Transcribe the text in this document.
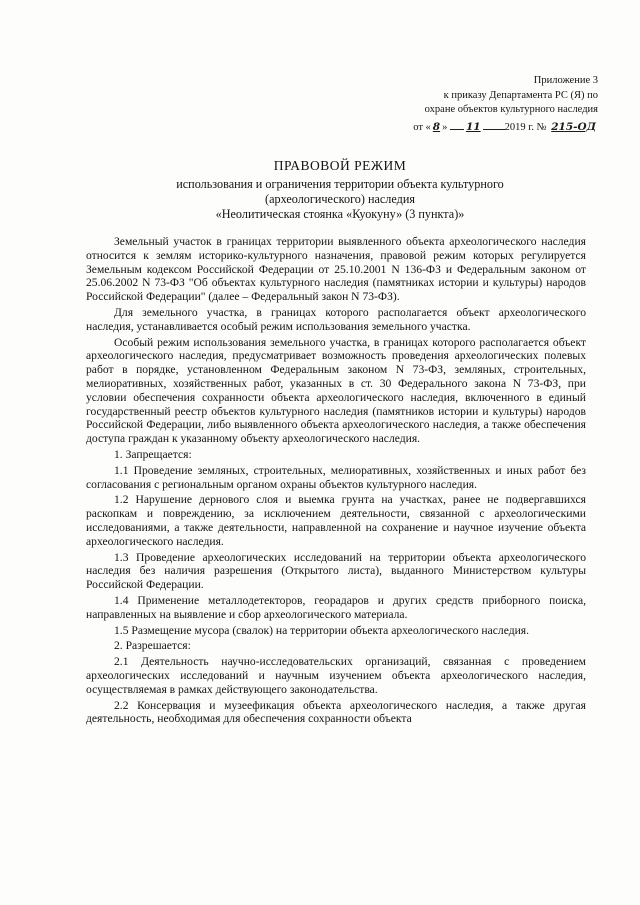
Приложение 3
к приказу Департамента РС (Я) по
охране объектов культурного наследия
от « 8 » 11 2019 г. № 215-ОД
ПРАВОВОЙ РЕЖИМ
использования и ограничения территории объекта культурного
(археологического) наследия
«Неолитическая стоянка «Куокуну» (3 пункта)»

Земельный участок в границах территории выявленного объекта археологического наследия относится к землям историко-культурного назначения, правовой режим которых регулируется Земельным кодексом Российской Федерации от 25.10.2001 N 136-ФЗ и Федеральным законом от 25.06.2002 N 73-ФЗ "Об объектах культурного наследия (памятниках истории и культуры) народов Российской Федерации" (далее – Федеральный закон N 73-ФЗ).

Для земельного участка, в границах которого располагается объект археологического наследия, устанавливается особый режим использования земельного участка.

Особый режим использования земельного участка, в границах которого располагается объект археологического наследия, предусматривает возможность проведения археологических полевых работ в порядке, установленном Федеральным законом N 73-ФЗ, земляных, строительных, мелиоративных, хозяйственных работ, указанных в ст. 30 Федерального закона N 73-ФЗ, при условии обеспечения сохранности объекта археологического наследия, включенного в единый государственный реестр объектов культурного наследия (памятников истории и культуры) народов Российской Федерации, либо выявленного объекта археологического наследия, а также обеспечения доступа граждан к указанному объекту археологического наследия.

1. Запрещается:

1.1 Проведение земляных, строительных, мелиоративных, хозяйственных и иных работ без согласования с региональным органом охраны объектов культурного наследия.

1.2 Нарушение дернового слоя и выемка грунта на участках, ранее не подвергавшихся раскопкам и повреждению, за исключением деятельности, связанной с археологическими исследованиями, а также деятельности, направленной на сохранение и научное изучение объекта археологического наследия.

1.3 Проведение археологических исследований на территории объекта археологического наследия без наличия разрешения (Открытого листа), выданного Министерством культуры Российской Федерации.

1.4 Применение металлодетекторов, георадаров и других средств приборного поиска, направленных на выявление и сбор археологического материала.

1.5 Размещение мусора (свалок) на территории объекта археологического наследия.

2. Разрешается:

2.1 Деятельность научно-исследовательских организаций, связанная с проведением археологических исследований и научным изучением объекта археологического наследия, осуществляемая в рамках действующего законодательства.

2.2 Консервация и музеефикация объекта археологического наследия, а также другая деятельность, необходимая для обеспечения сохранности объекта
